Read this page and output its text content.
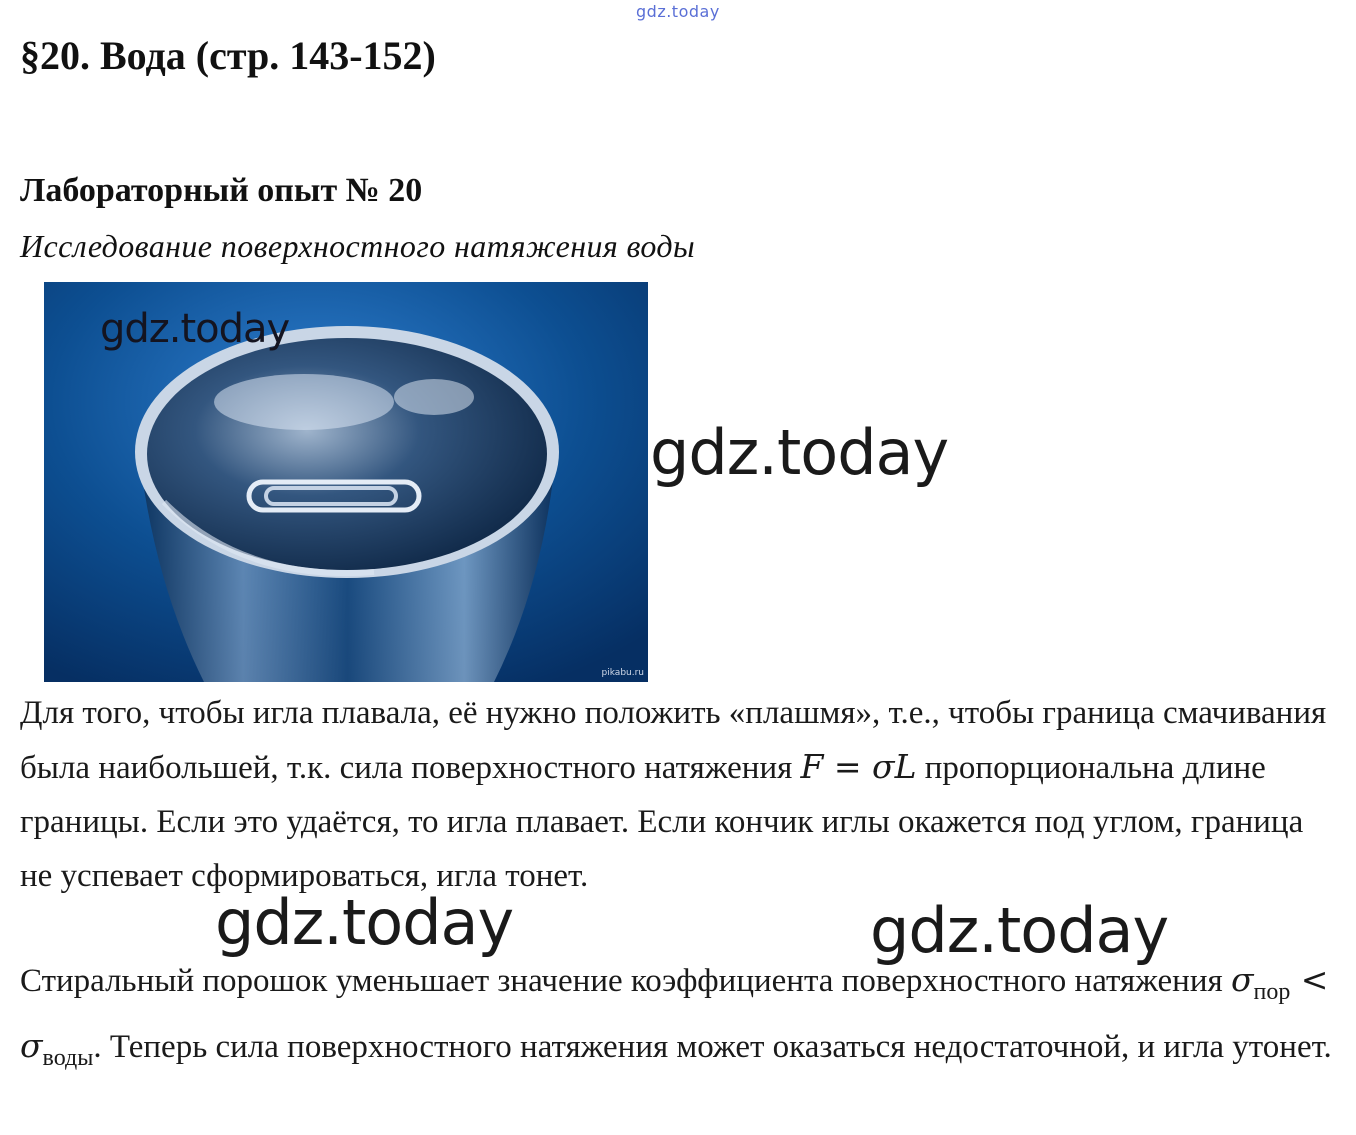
gdz.today
§20. Вода (стр. 143-152)
Лабораторный опыт № 20

Исследование поверхностного натяжения воды

pikabu.ru
gdz.today
gdz.today

Для того, чтобы игла плавала, её нужно положить «плашмя», т.е., чтобы граница смачивания была наибольшей, т.к. сила поверхностного натяжения F = σL пропорциональна длине границы. Если это удаётся, то игла плавает. Если кончик иглы окажется под углом, граница не успевает сформироваться, игла тонет.

gdz.today	gdz.today

Стиральный порошок уменьшает значение коэффициента поверхностного натяжения $\sigma_{пор} < \sigma_{воды}$. Теперь сила поверхностного натяжения может оказаться недостаточной, и игла утонет.
